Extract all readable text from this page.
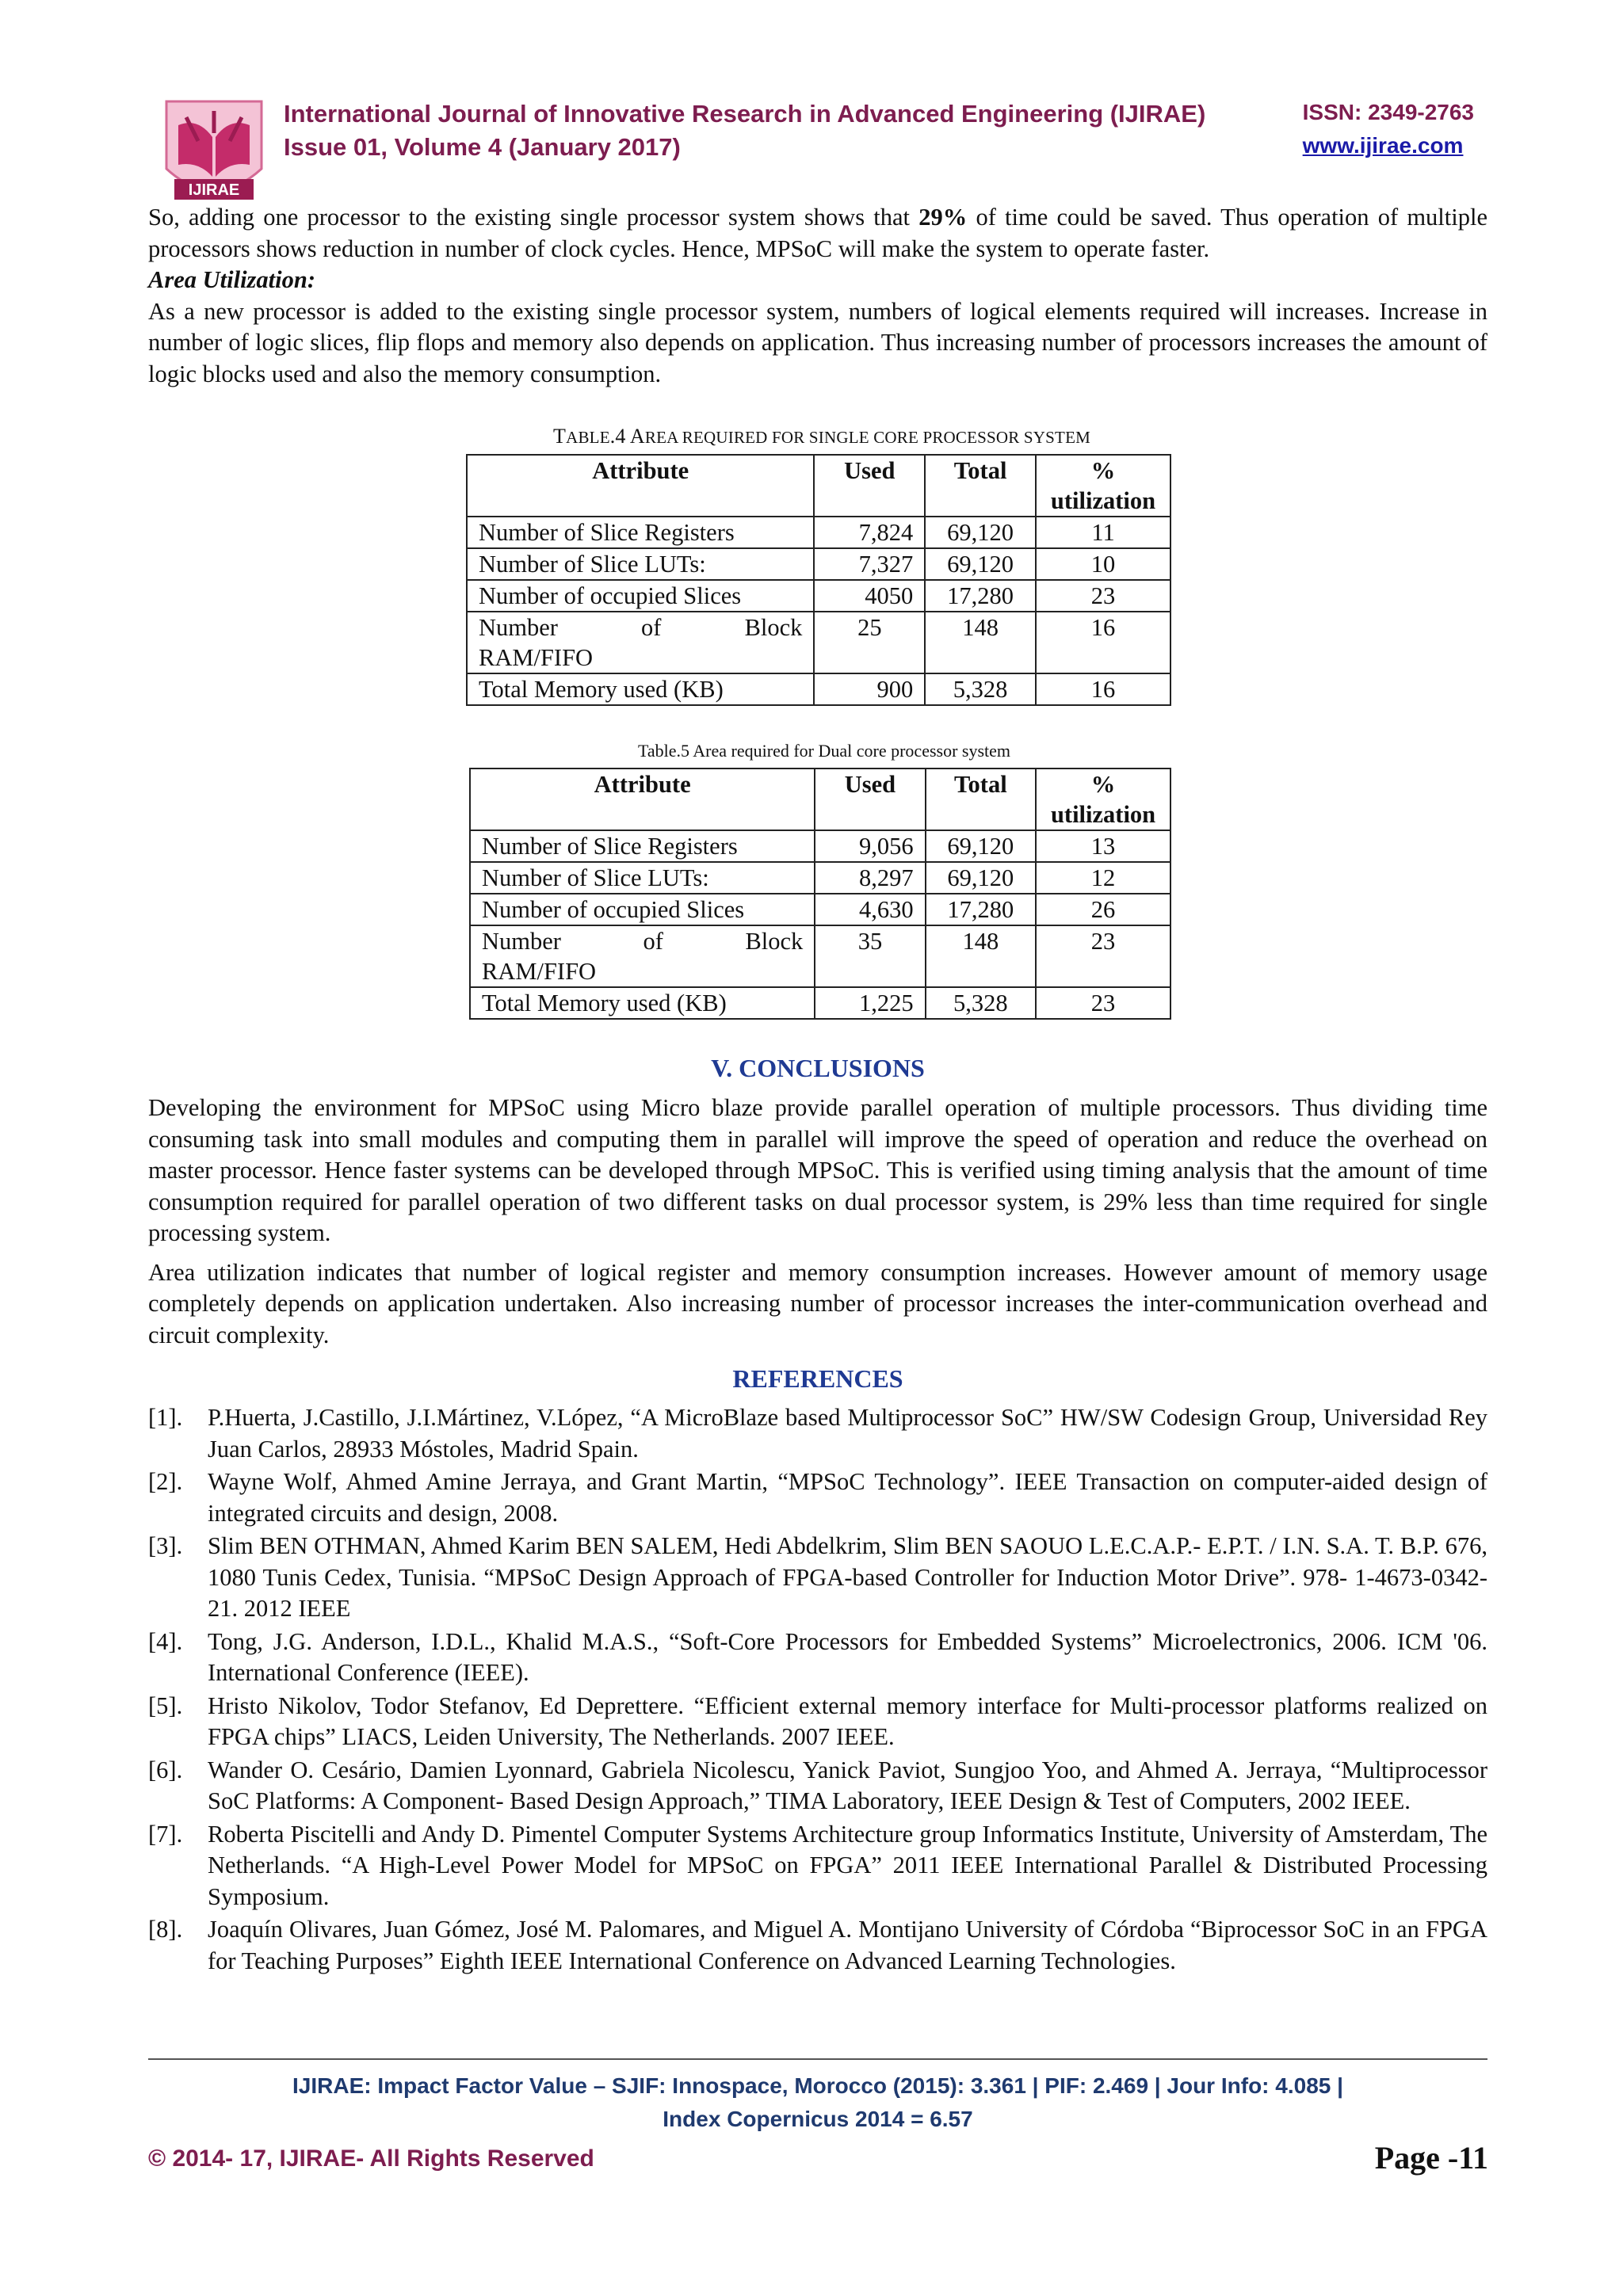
IJIRAE
International Journal of Innovative Research in Advanced Engineering (IJIRAE)
Issue 01, Volume 4 (January 2017)
ISSN: 2349-2763
www.ijirae.com

So, adding one processor to the existing single processor system shows that 29% of time could be saved. Thus operation of multiple processors shows reduction in number of clock cycles. Hence, MPSoC will make the system to operate faster.

Area Utilization:

As a new processor is added to the existing single processor system, numbers of logical elements required will increases. Increase in number of logic slices, flip flops and memory also depends on application. Thus increasing number of processors increases the amount of logic blocks used and also the memory consumption.

TABLE.4 AREA REQUIRED FOR SINGLE CORE PROCESSOR SYSTEM
Attribute	Used	Total	%
utilization
Number of Slice Registers	7,824	69,120	11
Number of Slice LUTs:	7,327	69,120	10
Number of occupied Slices	4050	17,280	23

Number of Block
RAM/FIFO	25	148	16
Total Memory used (KB)	900	5,328	16
Table.5 Area required for Dual core processor system
Attribute	Used	Total	%
utilization
Number of Slice Registers	9,056	69,120	13
Number of Slice LUTs:	8,297	69,120	12
Number of occupied Slices	4,630	17,280	26

Number of Block
RAM/FIFO	35	148	23
Total Memory used (KB)	1,225	5,328	23
V. CONCLUSIONS

Developing the environment for MPSoC using Micro blaze provide parallel operation of multiple processors. Thus dividing time consuming task into small modules and computing them in parallel will improve the speed of operation and reduce the overhead on master processor. Hence faster systems can be developed through MPSoC. This is verified using timing analysis that the amount of time consumption required for parallel operation of two different tasks on dual processor system, is 29% less than time required for single processing system.

Area utilization indicates that number of logical register and memory consumption increases. However amount of memory usage completely depends on application undertaken. Also increasing number of processor increases the inter-communication overhead and circuit complexity.

REFERENCES
[1]. P.Huerta, J.Castillo, J.I.Mártinez, V.López, “A MicroBlaze based Multiprocessor SoC” HW/SW Codesign Group, Universidad Rey Juan Carlos, 28933 Móstoles, Madrid Spain.
[2]. Wayne Wolf, Ahmed Amine Jerraya, and Grant Martin, “MPSoC Technology”. IEEE Transaction on computer-aided design of integrated circuits and design, 2008.
[3]. Slim BEN OTHMAN, Ahmed Karim BEN SALEM, Hedi Abdelkrim, Slim BEN SAOUO L.E.C.A.P.- E.P.T. / I.N. S.A. T. B.P. 676, 1080 Tunis Cedex, Tunisia. “MPSoC Design Approach of FPGA-based Controller for Induction Motor Drive”. 978- 1-4673-0342-21. 2012 IEEE
[4]. Tong, J.G. Anderson, I.D.L., Khalid M.A.S., “Soft-Core Processors for Embedded Systems” Microelectronics, 2006. ICM '06. International Conference (IEEE).
[5]. Hristo Nikolov, Todor Stefanov, Ed Deprettere. “Efficient external memory interface for Multi-processor platforms realized on FPGA chips” LIACS, Leiden University, The Netherlands. 2007 IEEE.
[6]. Wander O. Cesário, Damien Lyonnard, Gabriela Nicolescu, Yanick Paviot, Sungjoo Yoo, and Ahmed A. Jerraya, “Multiprocessor SoC Platforms: A Component- Based Design Approach,” TIMA Laboratory, IEEE Design & Test of Computers, 2002 IEEE.
[7]. Roberta Piscitelli and Andy D. Pimentel Computer Systems Architecture group Informatics Institute, University of Amsterdam, The Netherlands. “A High-Level Power Model for MPSoC on FPGA” 2011 IEEE International Parallel & Distributed Processing Symposium.
[8]. Joaquín Olivares, Juan Gómez, José M. Palomares, and Miguel A. Montijano University of Córdoba “Biprocessor SoC in an FPGA for Teaching Purposes” Eighth IEEE International Conference on Advanced Learning Technologies.
IJIRAE: Impact Factor Value – SJIF: Innospace, Morocco (2015): 3.361 | PIF: 2.469 | Jour Info: 4.085 |
Index Copernicus 2014 = 6.57
© 2014- 17, IJIRAE- All Rights Reserved	Page -11
